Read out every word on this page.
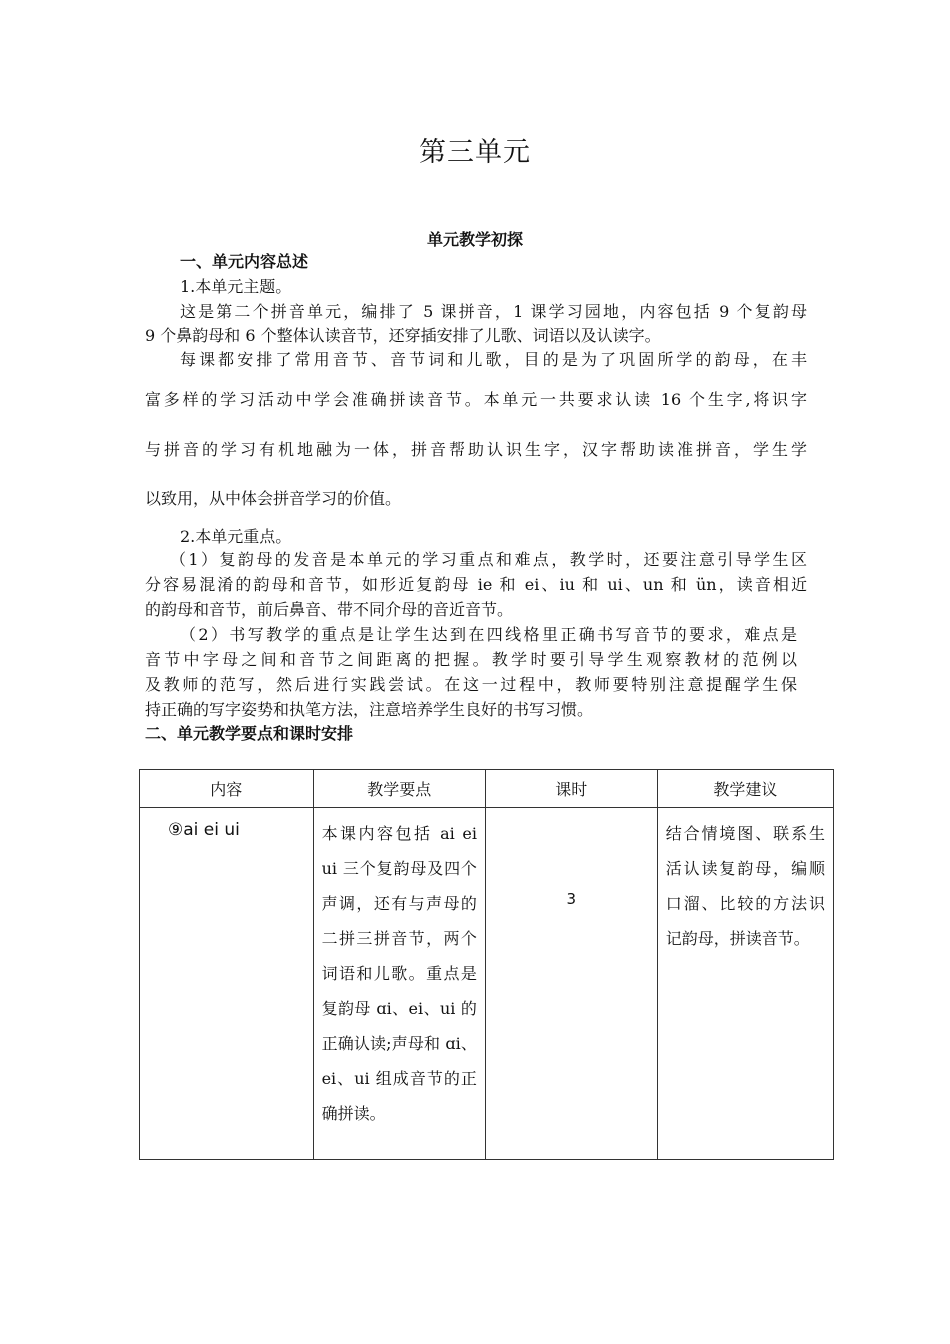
第三单元
单元教学初探
一、单元内容总述
1.本单元主题。
这是第二个拼音单元，编排了 5 课拼音，1 课学习园地，内容包括 9 个复韵母
9 个鼻韵母和 6 个整体认读音节，还穿插安排了儿歌、词语以及认读字。
每课都安排了常用音节、音节词和儿歌，目的是为了巩固所学的韵母，在丰
富多样的学习活动中学会准确拼读音节。本单元一共要求认读 16 个生字,将识字
与拼音的学习有机地融为一体，拼音帮助认识生字，汉字帮助读准拼音，学生学
以致用，从中体会拼音学习的价值。
2.本单元重点。
（1）复韵母的发音是本单元的学习重点和难点，教学时，还要注意引导学生区
分容易混淆的韵母和音节，如形近复韵母 ie 和 ei、iu 和 ui、un 和 ün，读音相近
的韵母和音节，前后鼻音、带不同介母的音近音节。
（2）书写教学的重点是让学生达到在四线格里正确书写音节的要求，难点是
音节中字母之间和音节之间距离的把握。教学时要引导学生观察教材的范例以
及教师的范写，然后进行实践尝试。在这一过程中，教师要特别注意提醒学生保
持正确的写字姿势和执笔方法，注意培养学生良好的书写习惯。
二、单元教学要点和课时安排
内容	教学要点	课时	教学建议
⑨ai ei ui	本课内容包括 ai ei ui 三个复韵母及四个声调，还有与声母的二拼三拼音节，两个词语和儿歌。重点是复韵母 ɑi、ei、ui 的正确认读;声母和 ɑi、ei、ui 组成音节的正确拼读。	3	结合情境图、联系生活认读复韵母，编顺口溜、比较的方法识记韵母，拼读音节。
